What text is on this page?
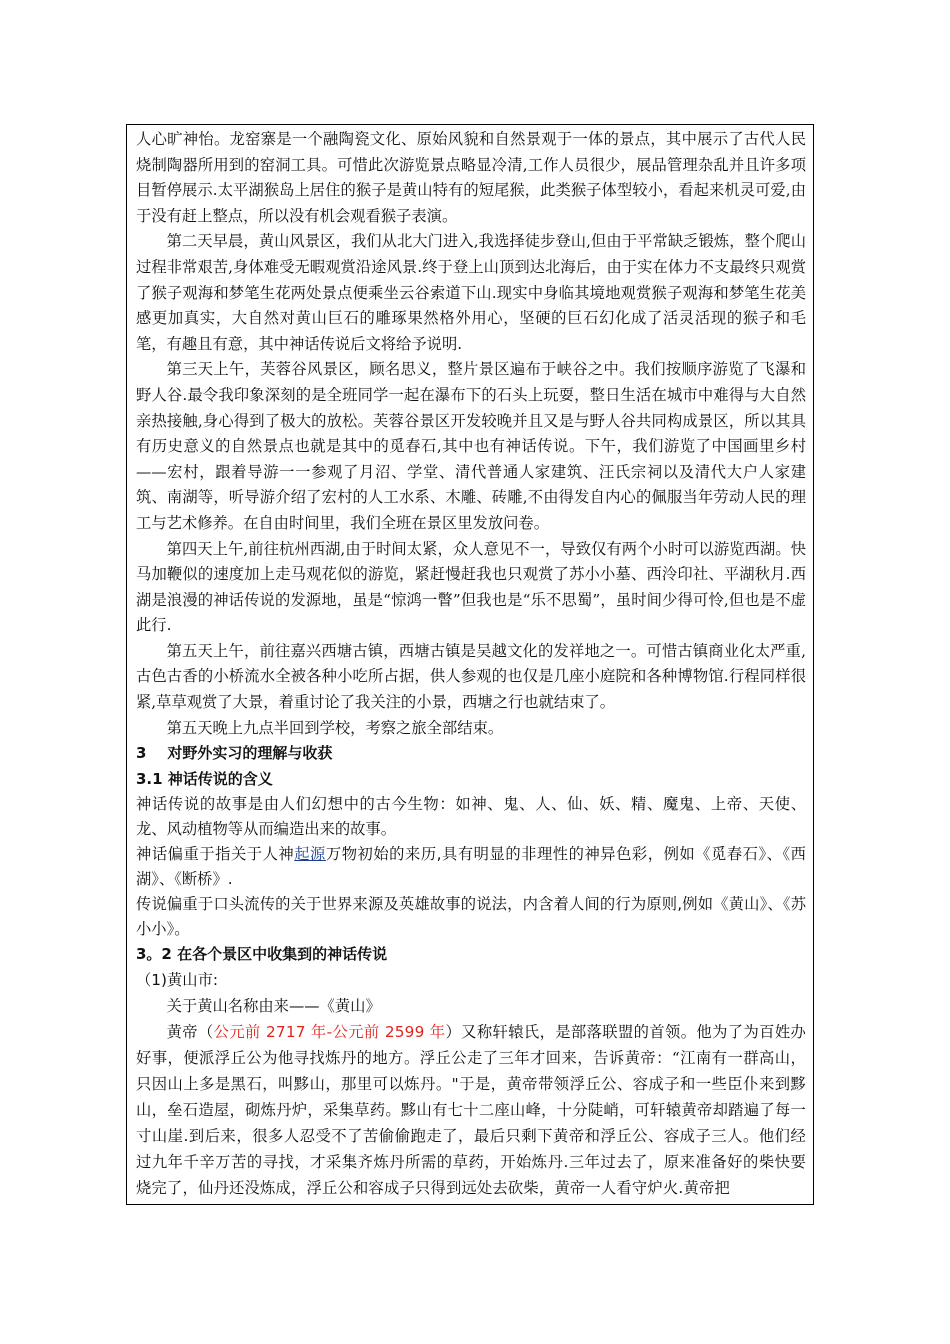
人心旷神怡。龙窑寨是一个融陶瓷文化、原始风貌和自然景观于一体的景点，其中展示了古代人民烧制陶器所用到的窑洞工具。可惜此次游览景点略显冷清,工作人员很少，展品管理杂乱并且许多项目暂停展示.太平湖猴岛上居住的猴子是黄山特有的短尾猴，此类猴子体型较小，看起来机灵可爱,由于没有赶上整点，所以没有机会观看猴子表演。

第二天早晨，黄山风景区，我们从北大门进入,我选择徒步登山,但由于平常缺乏锻炼，整个爬山过程非常艰苦,身体难受无暇观赏沿途风景.终于登上山顶到达北海后，由于实在体力不支最终只观赏了猴子观海和梦笔生花两处景点便乘坐云谷索道下山.现实中身临其境地观赏猴子观海和梦笔生花美感更加真实，大自然对黄山巨石的雕琢果然格外用心，坚硬的巨石幻化成了活灵活现的猴子和毛笔，有趣且有意，其中神话传说后文将给予说明.

第三天上午，芙蓉谷风景区，顾名思义，整片景区遍布于峡谷之中。我们按顺序游览了飞瀑和野人谷.最令我印象深刻的是全班同学一起在瀑布下的石头上玩耍，整日生活在城市中难得与大自然亲热接触,身心得到了极大的放松。芙蓉谷景区开发较晚并且又是与野人谷共同构成景区，所以其具有历史意义的自然景点也就是其中的觅春石,其中也有神话传说。下午，我们游览了中国画里乡村——宏村，跟着导游一一参观了月沼、学堂、清代普通人家建筑、汪氏宗祠以及清代大户人家建筑、南湖等，听导游介绍了宏村的人工水系、木雕、砖雕,不由得发自内心的佩服当年劳动人民的理工与艺术修养。在自由时间里，我们全班在景区里发放问卷。

第四天上午,前往杭州西湖,由于时间太紧，众人意见不一，导致仅有两个小时可以游览西湖。快马加鞭似的速度加上走马观花似的游览，紧赶慢赶我也只观赏了苏小小墓、西泠印社、平湖秋月.西湖是浪漫的神话传说的发源地，虽是“惊鸿一瞥”但我也是“乐不思蜀”，虽时间少得可怜,但也是不虚此行.

第五天上午，前往嘉兴西塘古镇，西塘古镇是吴越文化的发祥地之一。可惜古镇商业化太严重,古色古香的小桥流水全被各种小吃所占据，供人参观的也仅是几座小庭院和各种博物馆.行程同样很紧,草草观赏了大景，着重讨论了我关注的小景，西塘之行也就结束了。

第五天晚上九点半回到学校，考察之旅全部结束。

3    对野外实习的理解与收获

3.1 神话传说的含义

神话传说的故事是由人们幻想中的古今生物：如神、鬼、人、仙、妖、精、魔鬼、上帝、天使、龙、风动植物等从而编造出来的故事。

神话偏重于指关于人神起源万物初始的来历,具有明显的非理性的神异色彩，例如《觅春石》、《西湖》、《断桥》.

传说偏重于口头流传的关于世界来源及英雄故事的说法，内含着人间的行为原则,例如《黄山》、《苏小小》。

3。2 在各个景区中收集到的神话传说

（1)黄山市:

关于黄山名称由来——《黄山》

黄帝（公元前 2717 年-公元前 2599 年）又称轩辕氏，是部落联盟的首领。他为了为百姓办好事，便派浮丘公为他寻找炼丹的地方。浮丘公走了三年才回来，告诉黄帝：“江南有一群高山，只因山上多是黑石，叫黟山，那里可以炼丹。"于是，黄帝带领浮丘公、容成子和一些臣仆来到黟山，垒石造屋，砌炼丹炉，采集草药。黟山有七十二座山峰，十分陡峭，可轩辕黄帝却踏遍了每一寸山崖.到后来，很多人忍受不了苦偷偷跑走了，最后只剩下黄帝和浮丘公、容成子三人。他们经过九年千辛万苦的寻找，才采集齐炼丹所需的草药，开始炼丹.三年过去了，原来准备好的柴快要烧完了，仙丹还没炼成，浮丘公和容成子只得到远处去砍柴，黄帝一人看守炉火.黄帝把
